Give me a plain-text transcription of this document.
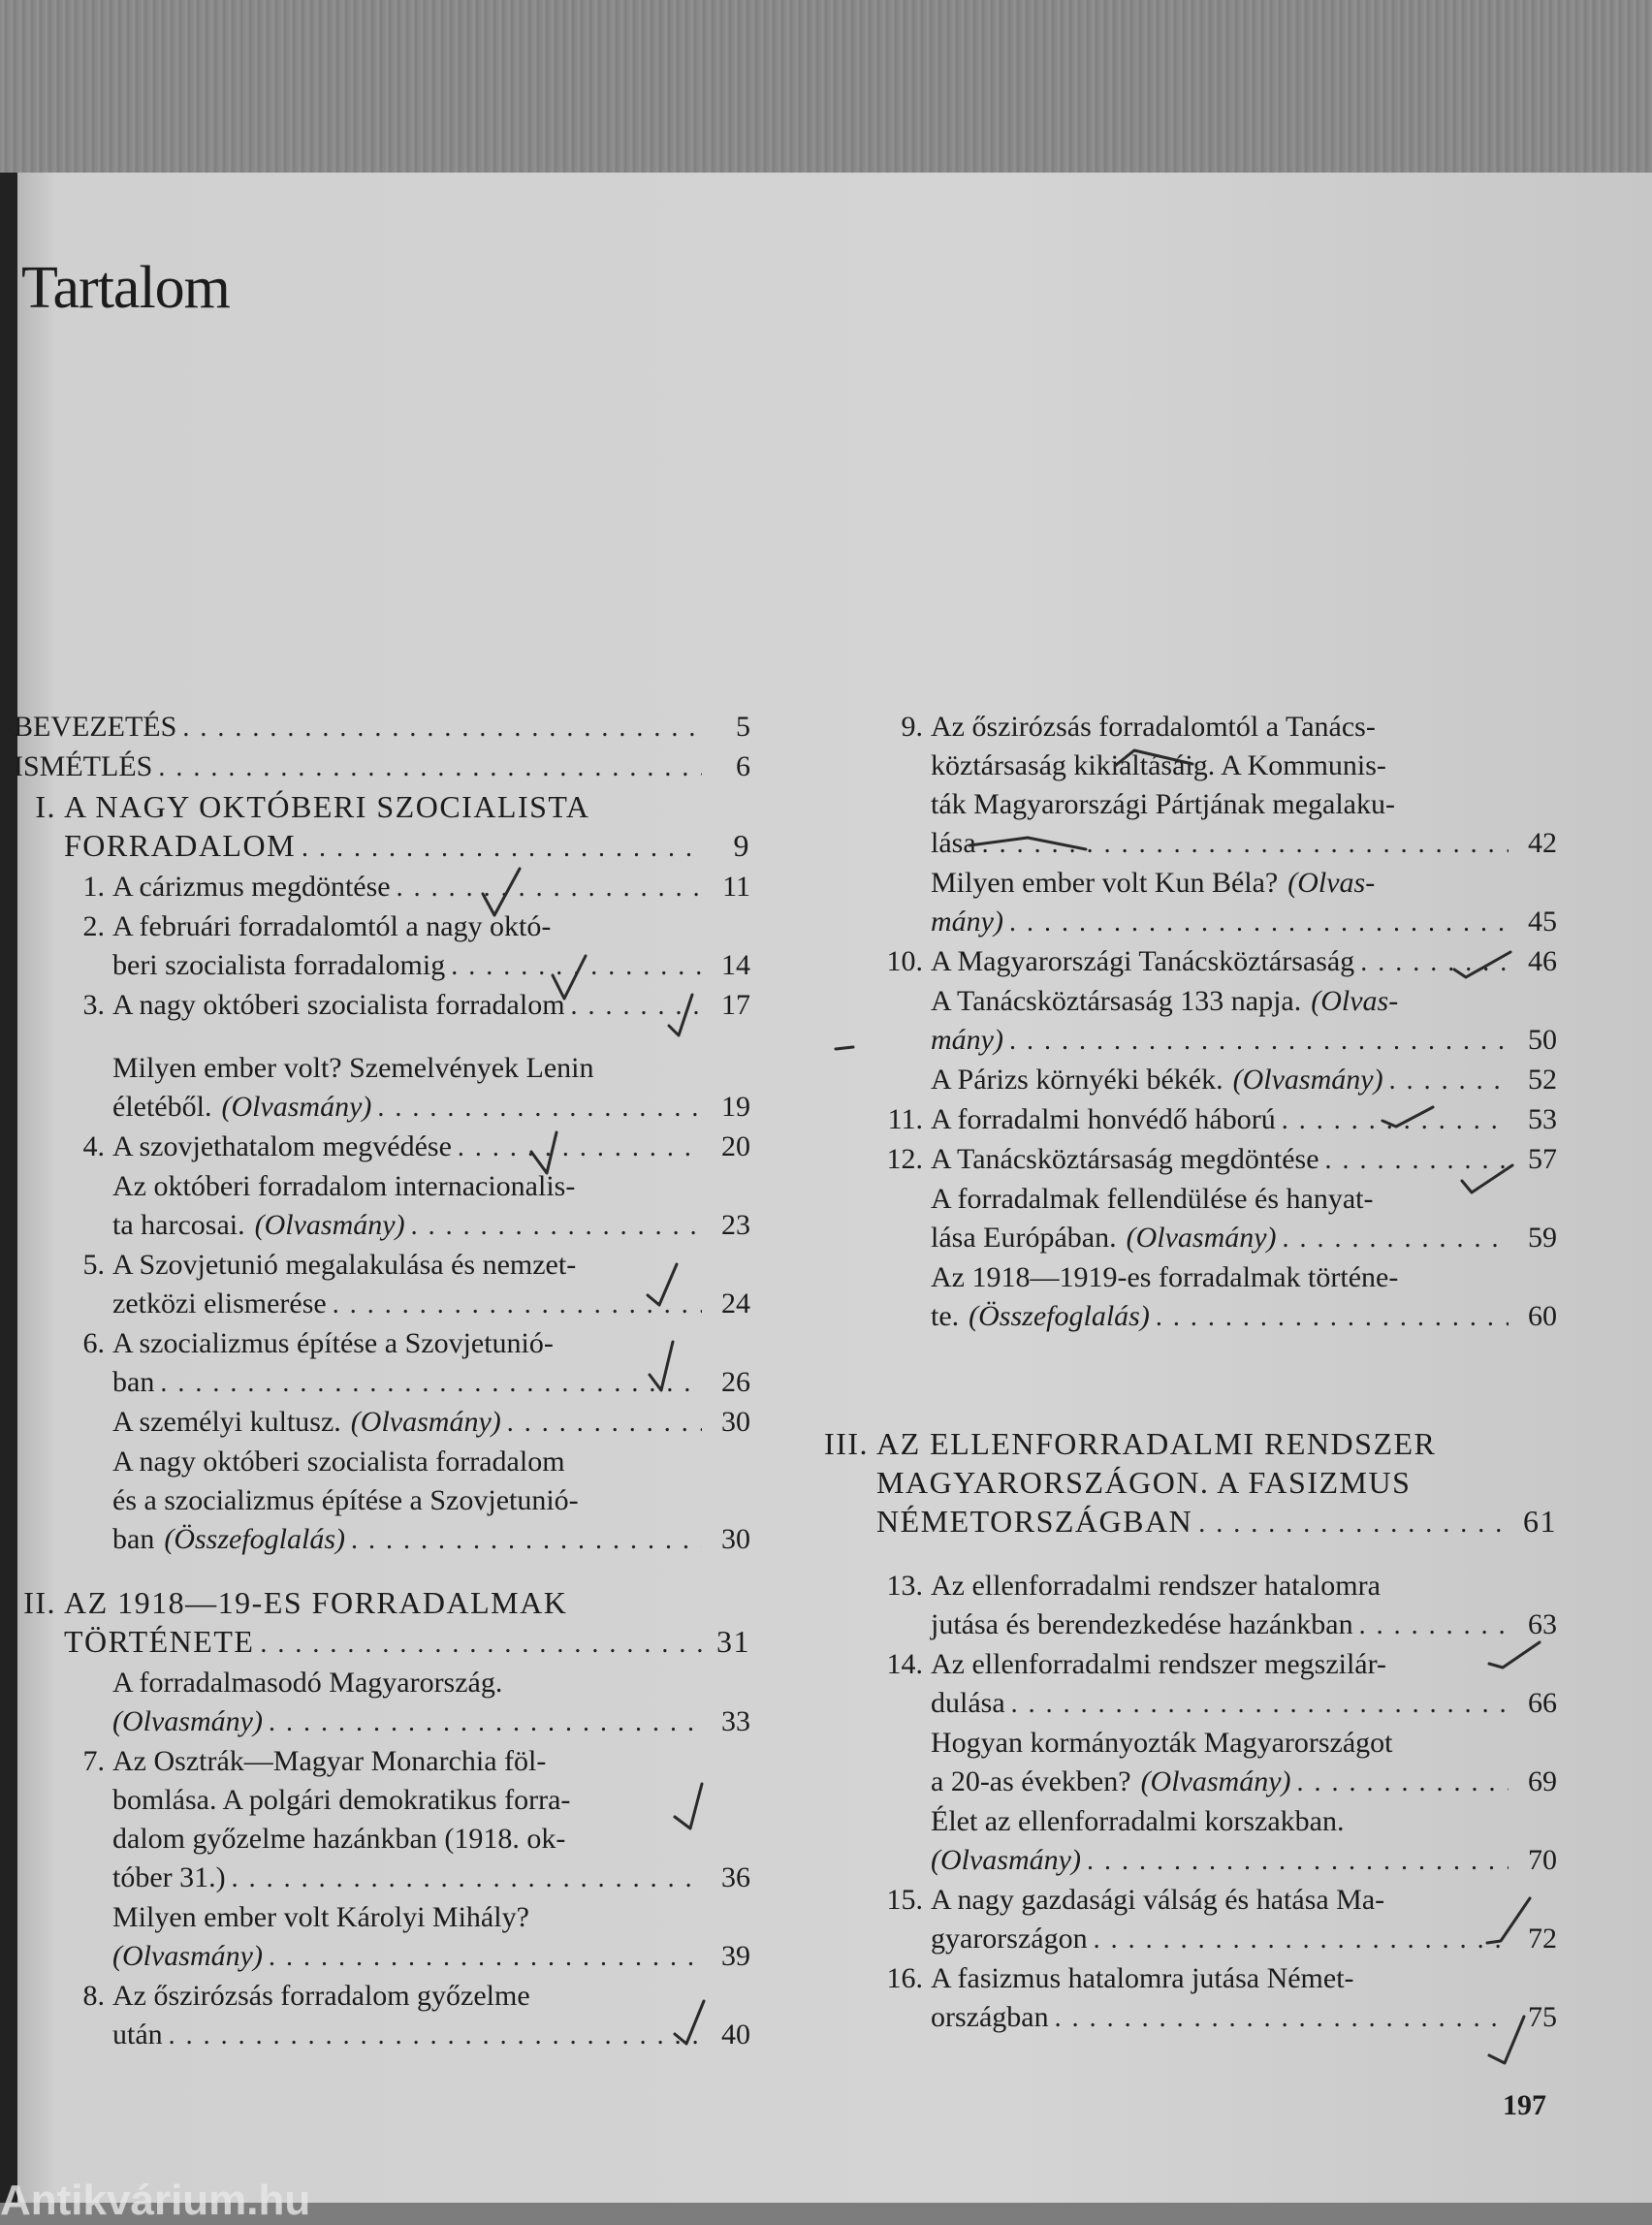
Tartalom
BEVEZETÉS . . .	5
ISMÉTLÉS . . .	6
I. A NAGY OKTÓBERI SZOCIALISTA
FORRADALOM . . .	9
1. A cárizmus megdöntése . . .	11
2. A februári forradalomtól a nagy októ-
beri szocialista forradalomig . . .	14
3. A nagy októberi szocialista forradalom . . .	17
Milyen ember volt? Szemelvények Lenin
életéből. (Olvasmány) . . .	19
4. A szovjethatalom megvédése . . .	20
Az októberi forradalom internacionalis-
ta harcosai. (Olvasmány) . . .	23
5. A Szovjetunió megalakulása és nemzet-
zetközi elismerése . . .	24
6. A szocializmus építése a Szovjetunió-
ban . . .	26
A személyi kultusz. (Olvasmány) . . .	30
A nagy októberi szocialista forradalom
és a szocializmus építése a Szovjetunió-
ban (Összefoglalás) . . .	30
II. AZ 1918—19-ES FORRADALMAK
TÖRTÉNETE . . .	31
A forradalmasodó Magyarország.
(Olvasmány) . . .	33
7. Az Osztrák—Magyar Monarchia föl-
bomlása. A polgári demokratikus forra-
dalom győzelme hazánkban (1918. ok-
tóber 31.) . . .	36
Milyen ember volt Károlyi Mihály?
(Olvasmány) . . .	39
8. Az őszirózsás forradalom győzelme
után . . .	40
9. Az őszirózsás forradalomtól a Tanács-
köztársaság kikiáltásáig. A Kommunis-
ták Magyarországi Pártjának megalaku-
lása . . .	42
Milyen ember volt Kun Béla? (Olvas-
mány) . . .	45
10. A Magyarországi Tanácsköztársaság . . .	46
A Tanácsköztársaság 133 napja. (Olvas-
mány) . . .	50
A Párizs környéki békék. (Olvasmány) . . .	52
11. A forradalmi honvédő háború . . .	53
12. A Tanácsköztársaság megdöntése . . .	57
A forradalmak fellendülése és hanyat-
lása Európában. (Olvasmány) . . .	59
Az 1918—1919-es forradalmak történe-
te. (Összefoglalás) . . .	60
III. AZ ELLENFORRADALMI RENDSZER
MAGYARORSZÁGON. A FASIZMUS
NÉMETORSZÁGBAN . . .	61
13. Az ellenforradalmi rendszer hatalomra
jutása és berendezkedése hazánkban . . .	63
14. Az ellenforradalmi rendszer megszilár-
dulása . . .	66
Hogyan kormányozták Magyarországot
a 20-as években? (Olvasmány) . . .	69
Élet az ellenforradalmi korszakban.
(Olvasmány) . . .	70
15. A nagy gazdasági válság és hatása Ma-
gyarországon . . .	72
16. A fasizmus hatalomra jutása Német-
országban . . .	75
197
Antikvárium.hu
